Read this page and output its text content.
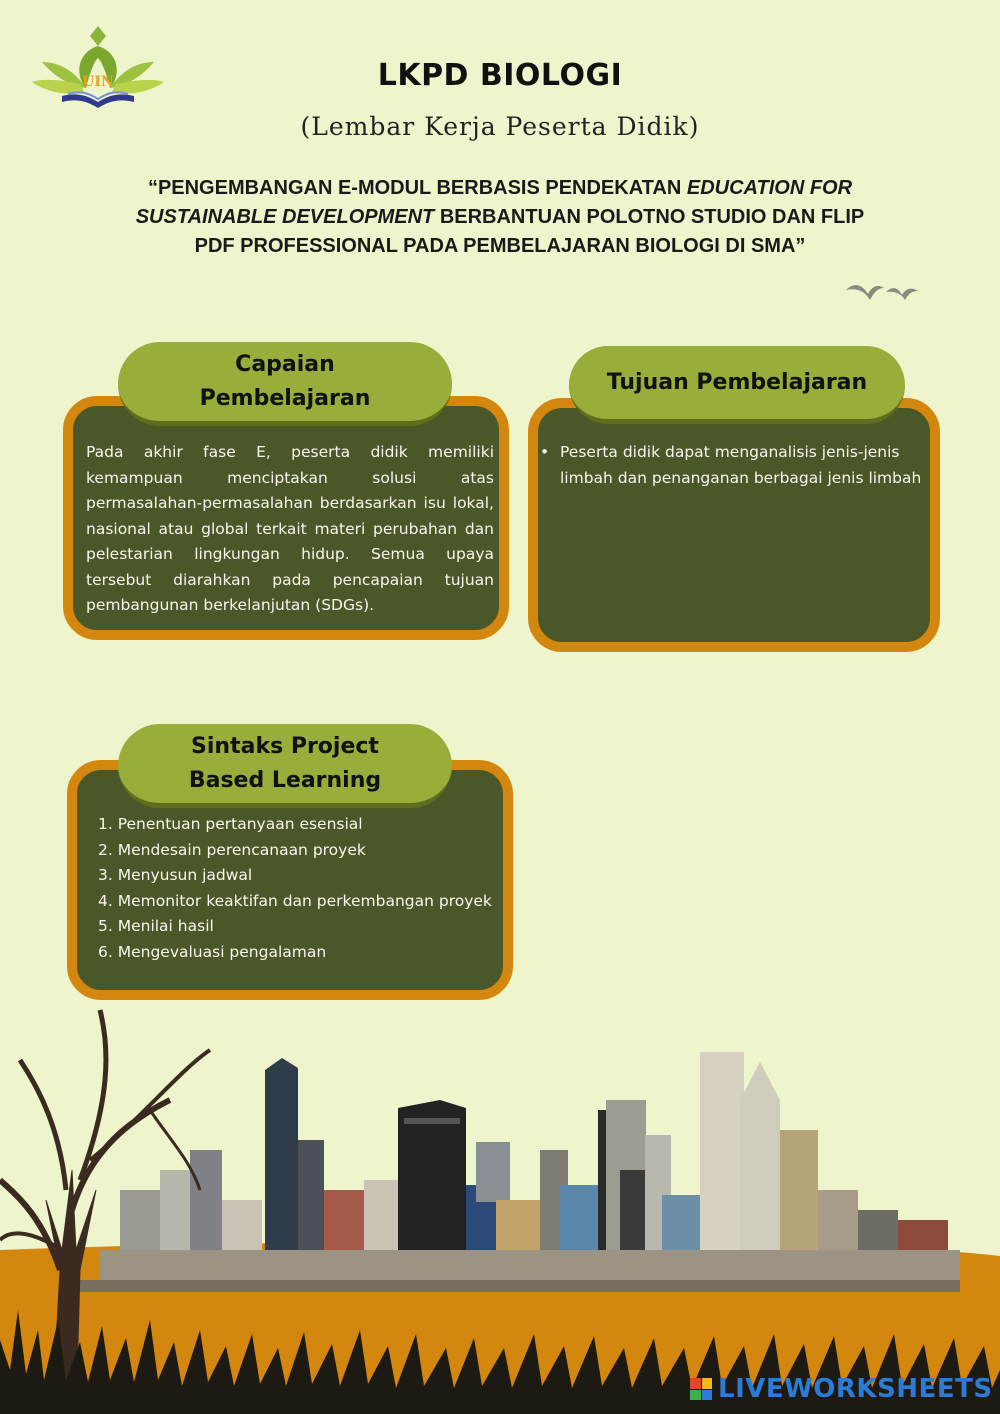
UIN	LKPD BIOLOGI
(Lembar Kerja Peserta Didik)
“PENGEMBANGAN E-MODUL BERBASIS PENDEKATAN EDUCATION FOR SUSTAINABLE DEVELOPMENT BERBANTUAN POLOTNO STUDIO DAN FLIP PDF PROFESSIONAL PADA PEMBELAJARAN BIOLOGI DI SMA”
Capaian
Pembelajaran
Pada akhir fase E, peserta didik memiliki kemampuan menciptakan solusi atas permasalahan-permasalahan berdasarkan isu lokal, nasional atau global terkait materi perubahan dan pelestarian lingkungan hidup. Semua upaya tersebut diarahkan pada pencapaian tujuan pembangunan berkelanjutan (SDGs).
Tujuan Pembelajaran
• Peserta didik dapat menganalisis jenis-jenis limbah dan penanganan berbagai jenis limbah
Sintaks Project
Based Learning
1. Penentuan pertanyaan esensial
2. Mendesain perencanaan proyek
3. Menyusun jadwal
4. Memonitor keaktifan dan perkembangan proyek
5. Menilai hasil
6. Mengevaluasi pengalaman
LIVEWORKSHEETS
